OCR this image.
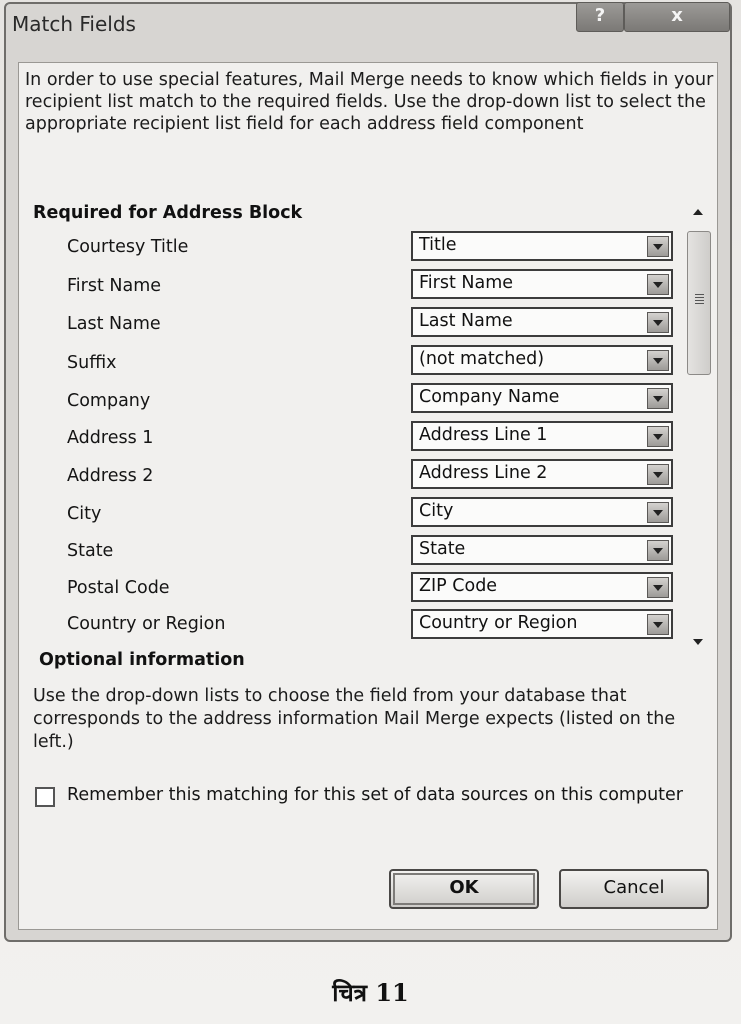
Match Fields	?	x
In order to use special features, Mail Merge needs to know which fields in your recipient list match to the required fields. Use the drop-down list to select the appropriate recipient list field for each address field component
Required for Address Block
Courtesy Title	Title
First Name	First Name
Last Name	Last Name
Suffix	(not matched)
Company	Company Name
Address 1	Address Line 1
Address 2	Address Line 2
City	City
State	State
Postal Code	ZIP Code
Country or Region	Country or Region
Optional information
Use the drop-down lists to choose the field from your database that corresponds to the address information Mail Merge expects (listed on the left.)
Remember this matching for this set of data sources on this computer
OK	Cancel
चित्र 11
